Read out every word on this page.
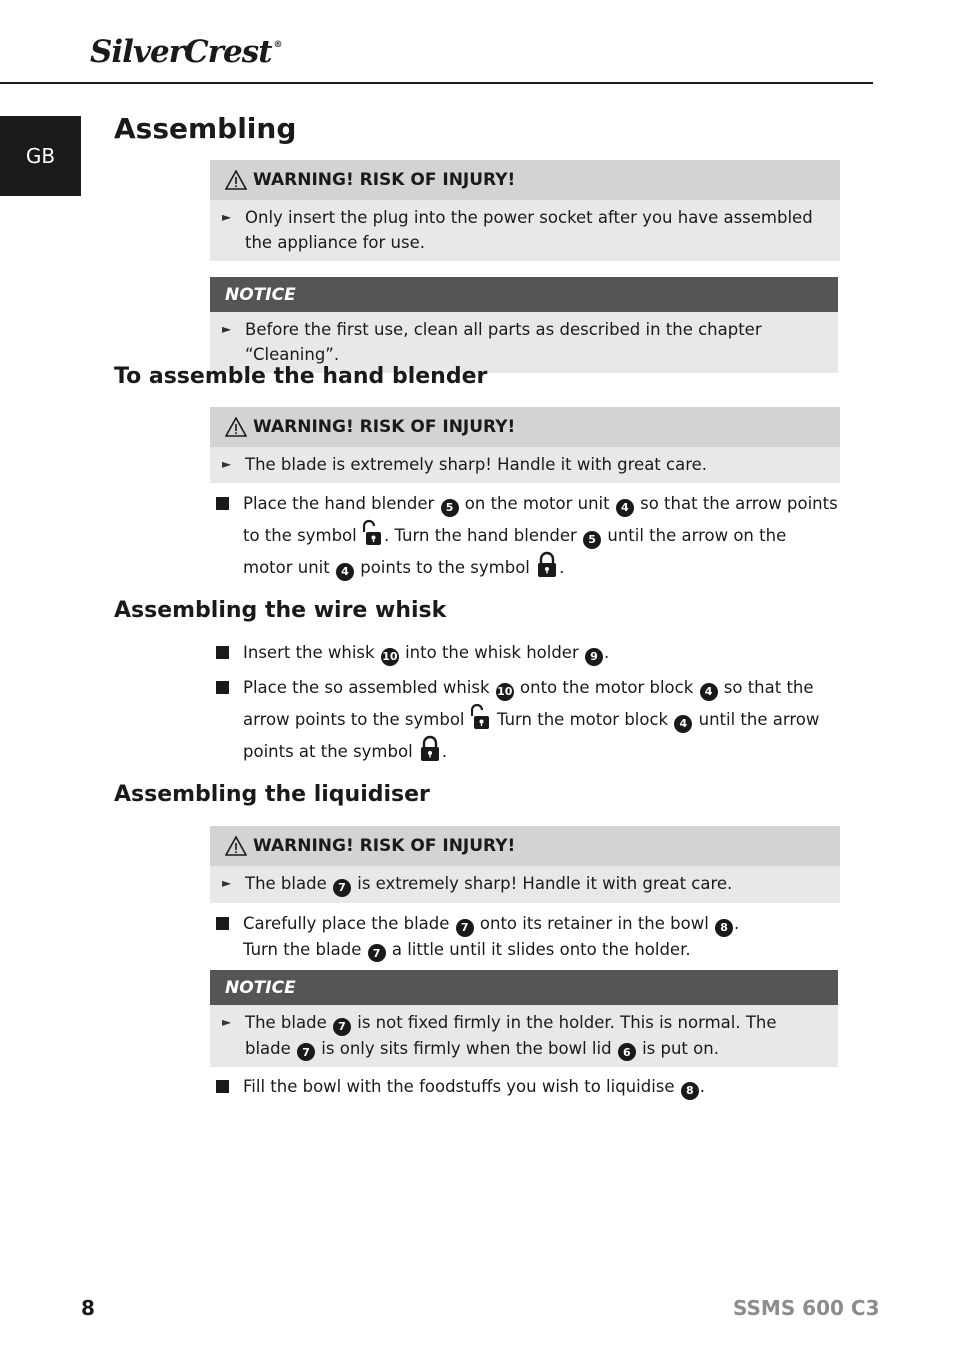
SilverCrest ®
GB
Assembling
WARNING! RISK OF INJURY!
► Only insert the plug into the power socket after you have assembled the appliance for use.
NOTICE
► Before the first use, clean all parts as described in the chapter “Cleaning”.
To assemble the hand blender
WARNING! RISK OF INJURY!
► The blade is extremely sharp! Handle it with great care.
Place the hand blender 5 on the motor unit 4 so that the arrow points to the symbol . Turn the hand blender 5 until the arrow on the motor unit 4 points to the symbol .
Assembling the wire whisk
Insert the whisk 10 into the whisk holder 9 .
Place the so assembled whisk 10 onto the motor block 4 so that the arrow points to the symbol Turn the motor block 4 until the arrow points at the symbol .
Assembling the liquidiser
WARNING! RISK OF INJURY!
► The blade 7 is extremely sharp! Handle it with great care.
Carefully place the blade 7 onto its retainer in the bowl 8 .
Turn the blade 7 a little until it slides onto the holder.
NOTICE
► The blade 7 is not fixed firmly in the holder. This is normal. The blade 7 is only sits firmly when the bowl lid 6 is put on.
Fill the bowl with the foodstuffs you wish to liquidise 8 .
8	SSMS 600 C3
